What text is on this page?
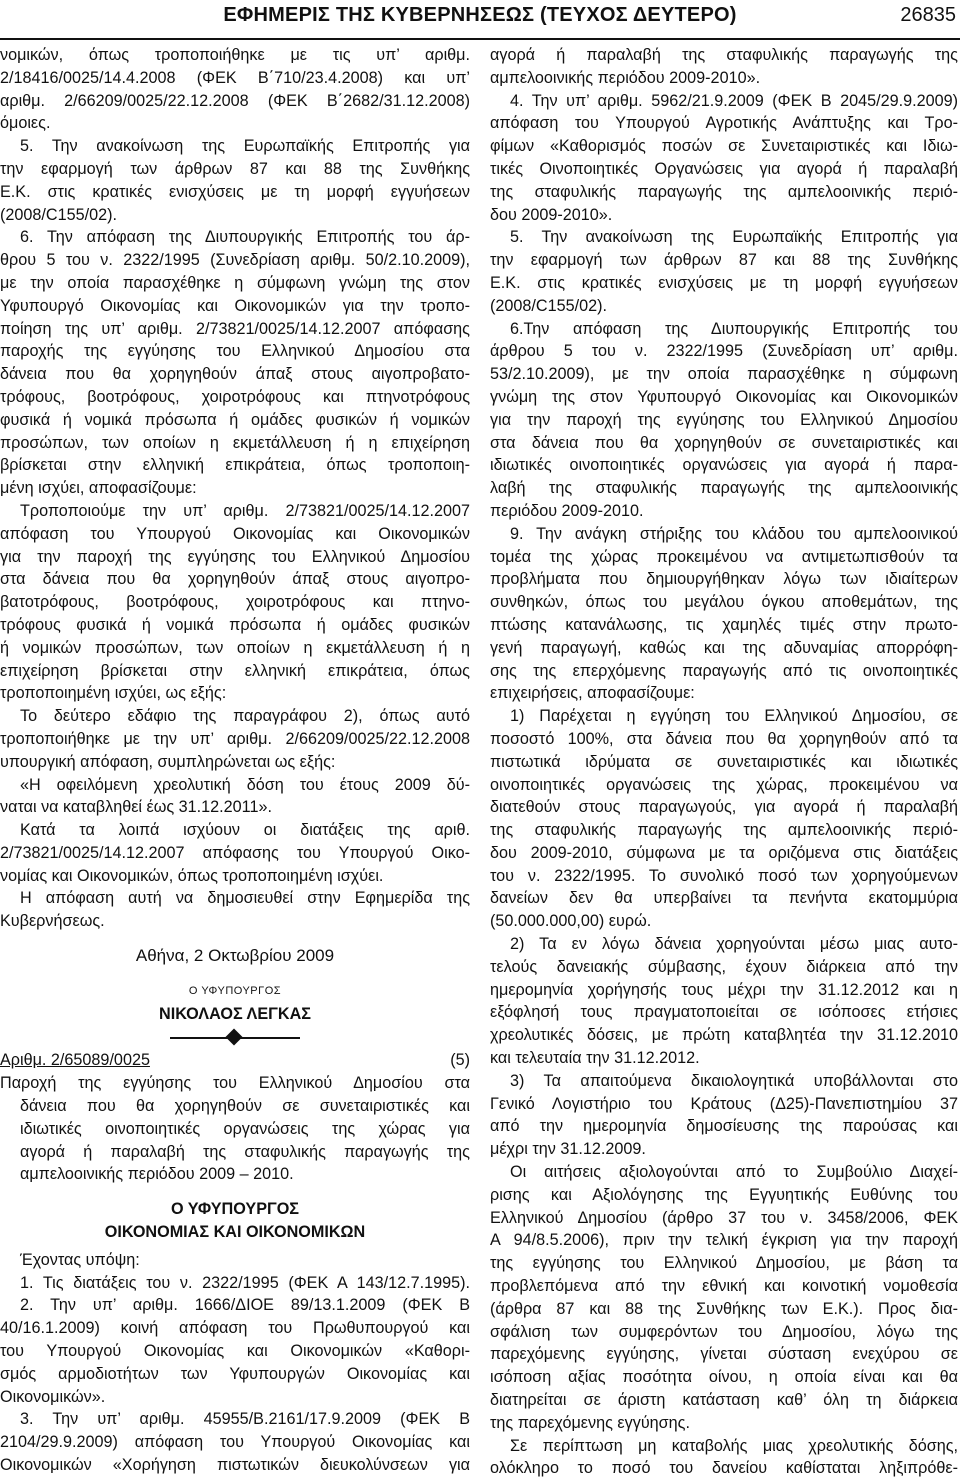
ΕΦΗΜΕΡΙΣ ΤΗΣ ΚΥΒΕΡΝΗΣΕΩΣ (ΤΕΥΧΟΣ ΔΕΥΤΕΡΟ)	26835
νομικών, όπως τροποποιήθηκε με τις υπ’ αριθμ.
2/18416/0025/14.4.2008 (ΦΕΚ Β΄710/23.4.2008) και υπ’
αριθμ. 2/66209/0025/22.12.2008 (ΦΕΚ Β΄2682/31.12.2008)
όμοιες.
5. Την ανακοίνωση της Ευρωπαϊκής Επιτροπής για
την εφαρμογή των άρθρων 87 και 88 της Συνθήκης
Ε.Κ. στις κρατικές ενισχύσεις με τη μορφή εγγυήσεων
(2008/C155/02).
6. Την απόφαση της Διυπουργικής Επιτροπής του άρ-
θρου 5 του ν. 2322/1995 (Συνεδρίαση αριθμ. 50/2.10.2009),
με την οποία παρασχέθηκε η σύμφωνη γνώμη της στον
Υφυπουργό Οικονομίας και Οικονομικών για την τροπο-
ποίηση της υπ’ αριθμ. 2/73821/0025/14.12.2007 απόφασης
παροχής της εγγύησης του Ελληνικού Δημοσίου στα
δάνεια που θα χορηγηθούν άπαξ στους αιγοπροβατο-
τρόφους, βοοτρόφους, χοιροτρόφους και πτηνοτρόφους
φυσικά ή νομικά πρόσωπα ή ομάδες φυσικών ή νομικών
προσώπων, των οποίων η εκμετάλλευση ή η επιχείρηση
βρίσκεται στην ελληνική επικράτεια, όπως τροποποιη-
μένη ισχύει, αποφασίζουμε:
Τροποποιούμε την υπ’ αριθμ. 2/73821/0025/14.12.2007
απόφαση του Υπουργού Οικονομίας και Οικονομικών
για την παροχή της εγγύησης του Ελληνικού Δημοσίου
στα δάνεια που θα χορηγηθούν άπαξ στους αιγοπρο-
βατοτρόφους, βοοτρόφους, χοιροτρόφους και πτηνο-
τρόφους φυσικά ή νομικά πρόσωπα ή ομάδες φυσικών
ή νομικών προσώπων, των οποίων η εκμετάλλευση ή η
επιχείρηση βρίσκεται στην ελληνική επικράτεια, όπως
τροποποιημένη ισχύει, ως εξής:
Το δεύτερο εδάφιο της παραγράφου 2), όπως αυτό
τροποποιήθηκε με την υπ’ αριθμ. 2/66209/0025/22.12.2008
υπουργική απόφαση, συμπληρώνεται ως εξής:
«Η οφειλόμενη χρεολυτική δόση του έτους 2009 δύ-
ναται να καταβληθεί έως 31.12.2011».
Κατά τα λοιπά ισχύουν οι διατάξεις της αριθ.
2/73821/0025/14.12.2007 απόφασης του Υπουργού Οικο-
νομίας και Οικονομικών, όπως τροποποιημένη ισχύει.
Η απόφαση αυτή να δημοσιευθεί στην Εφημερίδα της
Κυβερνήσεως.
Αθήνα, 2 Οκτωβρίου 2009
Ο ΥΦΥΠΟΥΡΓΟΣ
ΝΙΚΟΛΑΟΣ ΛΕΓΚΑΣ
Αριθμ. 2/65089/0025	(5)
Παροχή της εγγύησης του Ελληνικού Δημοσίου στα
δάνεια που θα χορηγηθούν σε συνεταιριστικές και
ιδιωτικές οινοποιητικές οργανώσεις της χώρας για
αγορά ή παραλαβή της σταφυλικής παραγωγής της
αμπελοοινικής περιόδου 2009 – 2010.
Ο ΥΦΥΠΟΥΡΓΟΣ
ΟΙΚΟΝΟΜΙΑΣ ΚΑΙ ΟΙΚΟΝΟΜΙΚΩΝ
Έχοντας υπόψη:
1. Τις διατάξεις του ν. 2322/1995 (ΦΕΚ Α 143/12.7.1995).
2. Την υπ’ αριθμ. 1666/ΔΙΟΕ 89/13.1.2009 (ΦΕΚ Β
40/16.1.2009) κοινή απόφαση του Πρωθυπουργού και
του Υπουργού Οικονομίας και Οικονομικών «Καθορι-
σμός αρμοδιοτήτων των Υφυπουργών Οικονομίας και
Οικονομικών».
3. Την υπ’ αριθμ. 45955/Β.2161/17.9.2009 (ΦΕΚ Β
2104/29.9.2009) απόφαση του Υπουργού Οικονομίας και
Οικονομικών «Χορήγηση πιστωτικών διευκολύνσεων για
αγορά ή παραλαβή της σταφυλικής παραγωγής της
αμπελοοινικής περιόδου 2009-2010».
4. Την υπ’ αριθμ. 5962/21.9.2009 (ΦΕΚ Β 2045/29.9.2009)
απόφαση του Υπουργού Αγροτικής Ανάπτυξης και Τρο-
φίμων «Καθορισμός ποσών σε Συνεταιριστικές και Ιδιω-
τικές Οινοποιητικές Οργανώσεις για αγορά ή παραλαβή
της σταφυλικής παραγωγής της αμπελοοινικής περιό-
δου 2009-2010».
5. Την ανακοίνωση της Ευρωπαϊκής Επιτροπής για
την εφαρμογή των άρθρων 87 και 88 της Συνθήκης
Ε.Κ. στις κρατικές ενισχύσεις με τη μορφή εγγυήσεων
(2008/C155/02).
6.Την απόφαση της Διυπουργικής Επιτροπής του
άρθρου 5 του ν. 2322/1995 (Συνεδρίαση υπ’ αριθμ.
53/2.10.2009), με την οποία παρασχέθηκε η σύμφωνη
γνώμη της στον Υφυπουργό Οικονομίας και Οικονομικών
για την παροχή της εγγύησης του Ελληνικού Δημοσίου
στα δάνεια που θα χορηγηθούν σε συνεταιριστικές και
ιδιωτικές οινοποιητικές οργανώσεις για αγορά ή παρα-
λαβή της σταφυλικής παραγωγής της αμπελοοινικής
περιόδου 2009-2010.
9. Την ανάγκη στήριξης του κλάδου του αμπελοοινικού
τομέα της χώρας προκειμένου να αντιμετωπισθούν τα
προβλήματα που δημιουργήθηκαν λόγω των ιδιαίτερων
συνθηκών, όπως του μεγάλου όγκου αποθεμάτων, της
πτώσης κατανάλωσης, τις χαμηλές τιμές στην πρωτο-
γενή παραγωγή, καθώς και της αδυναμίας απορρόφη-
σης της επερχόμενης παραγωγής από τις οινοποιητικές
επιχειρήσεις, αποφασίζουμε:
1) Παρέχεται η εγγύηση του Ελληνικού Δημοσίου, σε
ποσοστό 100%, στα δάνεια που θα χορηγηθούν από τα
πιστωτικά ιδρύματα σε συνεταιριστικές και ιδιωτικές
οινοποιητικές οργανώσεις της χώρας, προκειμένου να
διατεθούν στους παραγωγούς, για αγορά ή παραλαβή
της σταφυλικής παραγωγής της αμπελοοινικής περιό-
δου 2009-2010, σύμφωνα με τα οριζόμενα στις διατάξεις
του ν. 2322/1995. Το συνολικό ποσό των χορηγούμενων
δανείων δεν θα υπερβαίνει τα πενήντα εκατομμύρια
(50.000.000,00) ευρώ.
2) Τα εν λόγω δάνεια χορηγούνται μέσω μιας αυτο-
τελούς δανειακής σύμβασης, έχουν διάρκεια από την
ημερομηνία χορήγησής τους μέχρι την 31.12.2012 και η
εξόφλησή τους πραγματοποιείται σε ισόποσες ετήσιες
χρεολυτικές δόσεις, με πρώτη καταβλητέα την 31.12.2010
και τελευταία την 31.12.2012.
3) Τα απαιτούμενα δικαιολογητικά υποβάλλονται στο
Γενικό Λογιστήριο του Κράτους (Δ25)-Πανεπιστημίου 37
από την ημερομηνία δημοσίευσης της παρούσας και
μέχρι την 31.12.2009.
Οι αιτήσεις αξιολογούνται από το Συμβούλιο Διαχεί-
ρισης και Αξιολόγησης της Εγγυητικής Ευθύνης του
Ελληνικού Δημοσίου (άρθρο 37 του ν. 3458/2006, ΦΕΚ
Α 94/8.5.2006), πριν την τελική έγκριση για την παροχή
της εγγύησης του Ελληνικού Δημοσίου, με βάση τα
προβλεπόμενα από την εθνική και κοινοτική νομοθεσία
(άρθρα 87 και 88 της Συνθήκης των Ε.Κ.). Προς δια-
σφάλιση των συμφερόντων του Δημοσίου, λόγω της
παρεχόμενης εγγύησης, γίνεται σύσταση ενεχύρου σε
ισόποση αξίας ποσότητα οίνου, η οποία είναι και θα
διατηρείται σε άριστη κατάσταση καθ’ όλη τη διάρκεια
της παρεχόμενης εγγύησης.
Σε περίπτωση μη καταβολής μιας χρεολυτικής δόσης,
ολόκληρο το ποσό του δανείου καθίσταται ληξιπρόθε-
